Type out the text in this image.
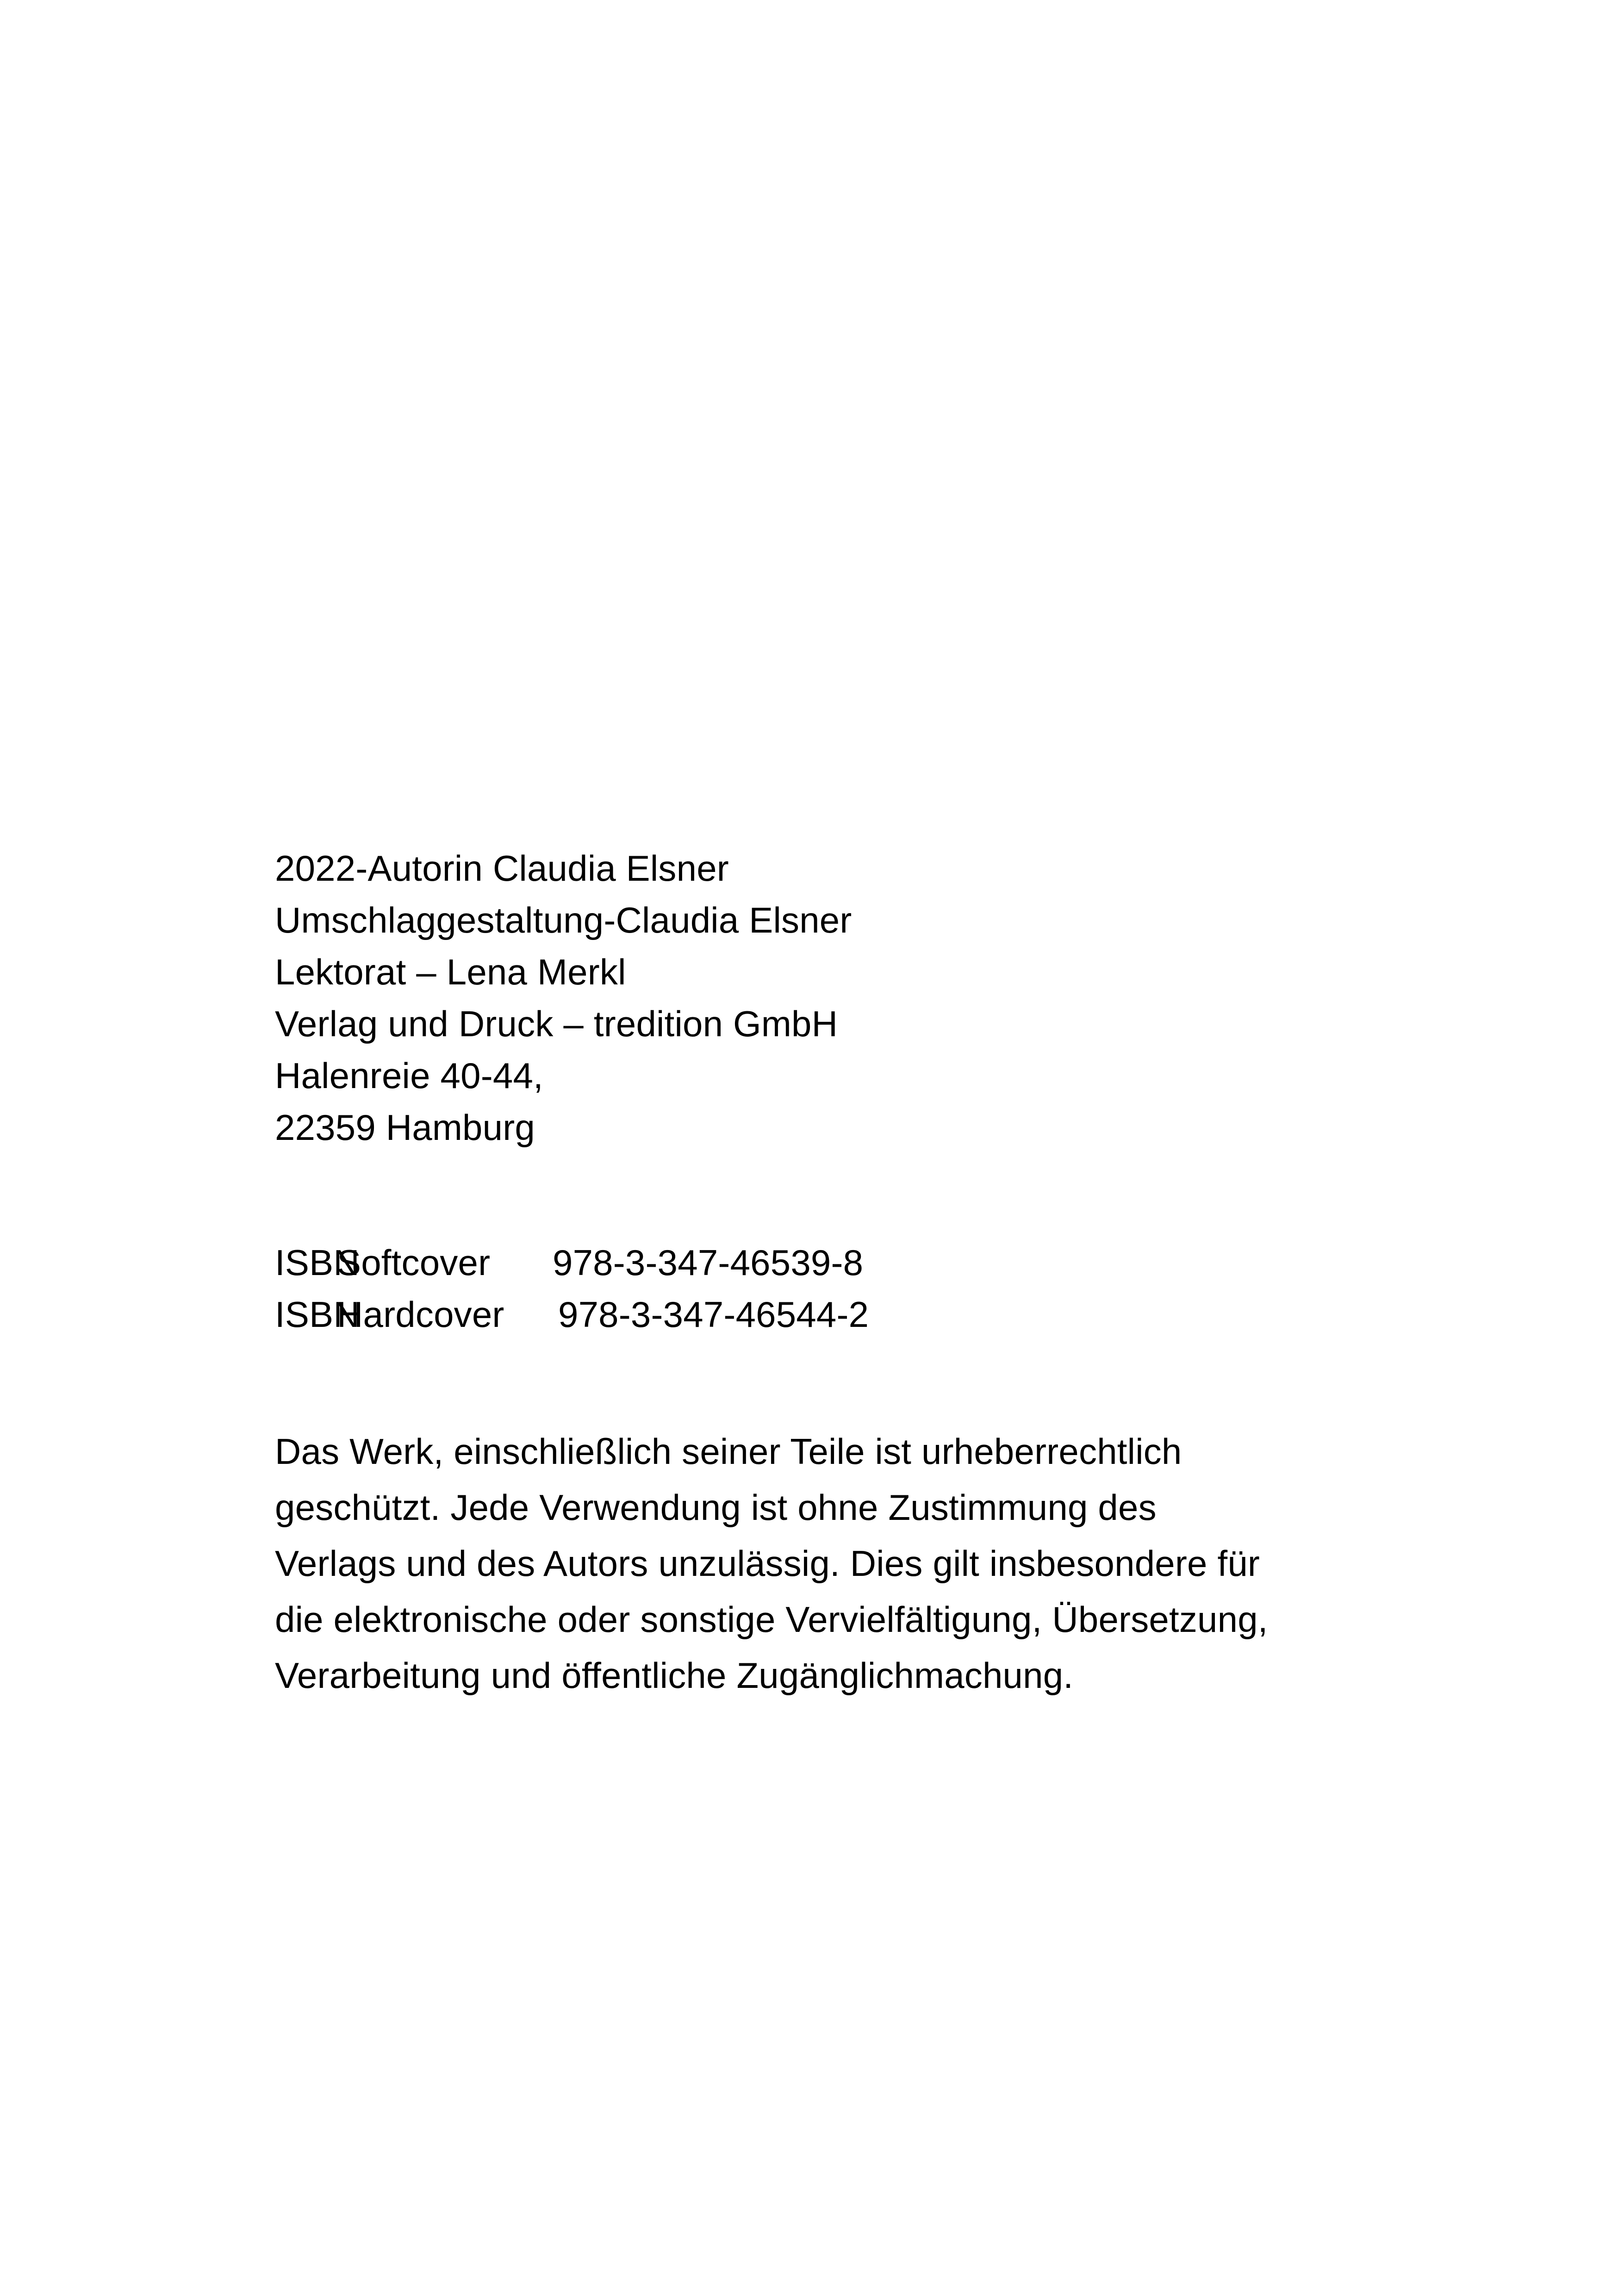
2022-Autorin Claudia Elsner
Umschlaggestaltung-Claudia Elsner
Lektorat – Lena Merkl
Verlag und Druck – tredition GmbH
Halenreie 40-44,
22359 Hamburg
ISBN
Softcover	978-3-347-46539-8
ISBN
Hardcover	978-3-347-46544-2
Das Werk, einschließlich seiner Teile ist urheberrechtlich
geschützt. Jede Verwendung ist ohne Zustimmung des
Verlags und des Autors unzulässig. Dies gilt insbesondere für
die elektronische oder sonstige Vervielfältigung, Übersetzung,
Verarbeitung und öffentliche Zugänglichmachung.
